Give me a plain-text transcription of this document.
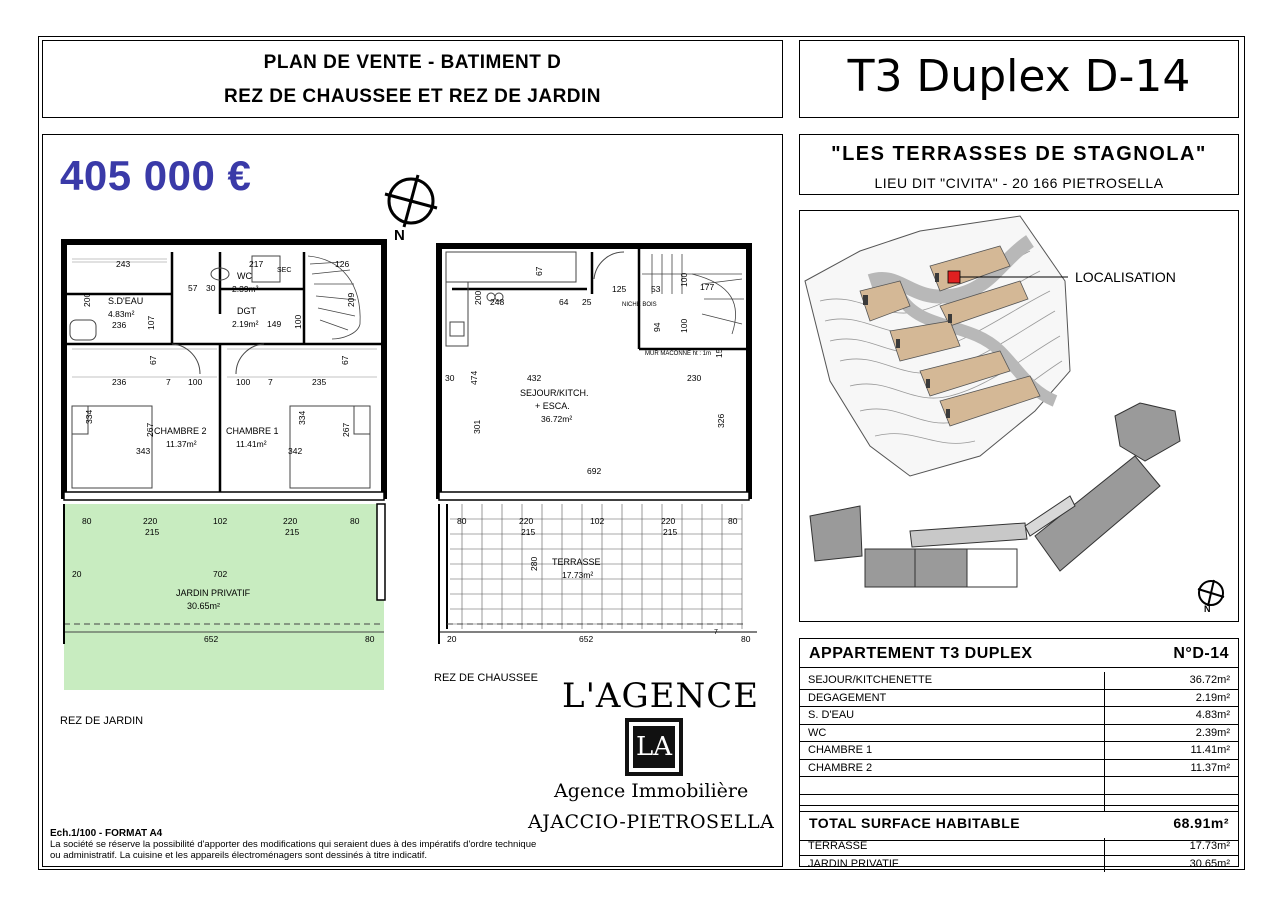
PLAN DE VENTE - BATIMENT D
REZ DE CHAUSSEE ET REZ DE JARDIN	T3 Duplex D-14
"LES TERRASSES DE STAGNOLA"
LIEU DIT "CIVITA" - 20 166 PIETROSELLA
LOCALISATION
N
APPARTEMENT T3 DUPLEX	N°D-14
SEJOUR/KITCHENETTE	36.72m²
DEGAGEMENT	2.19m²
S. D'EAU	4.83m²
WC	2.39m²
CHAMBRE 1	11.41m²
CHAMBRE 2	11.37m²
TOTAL SURFACE HABITABLE	68.91m²
TERRASSE	17.73m²
JARDIN PRIVATIF	30.65m²
405 000 €
N
S.D'EAU
4.83m²
WC
2.39m²
DGT
2.19m²
CHAMBRE 2
11.37m²
CHAMBRE 1
11.41m²
JARDIN PRIVATIF
30.65m²
243	217	126
57 30
236	149
SEC
236	7 100	100 7	235
343	342
80	220	102	220	80
215	215
20	702
652	80
200
107
334
267
334
267
67	67
100
209
SEJOUR/KITCH.
+ ESCA.
36.72m²
TERRASSE
17.73m²
NICHE BOIS
MUR MACONNE ht : 1m
248	64 25
125	53	177
432	230
30
692
80	220	102	220	80
215	215
20	652	80
7
67
200
100
94 100
15
474
301	326
280
REZ DE JARDIN
REZ DE CHAUSSEE L'AGENCE
LA
Agence Immobilière
AJACCIO-PIETROSELLA
Ech.1/100 - FORMAT A4
La société se réserve la possibilité d'apporter des modifications qui seraient dues à des impératifs d'ordre technique
ou administratif. La cuisine et les appareils électroménagers sont dessinés à titre indicatif.
